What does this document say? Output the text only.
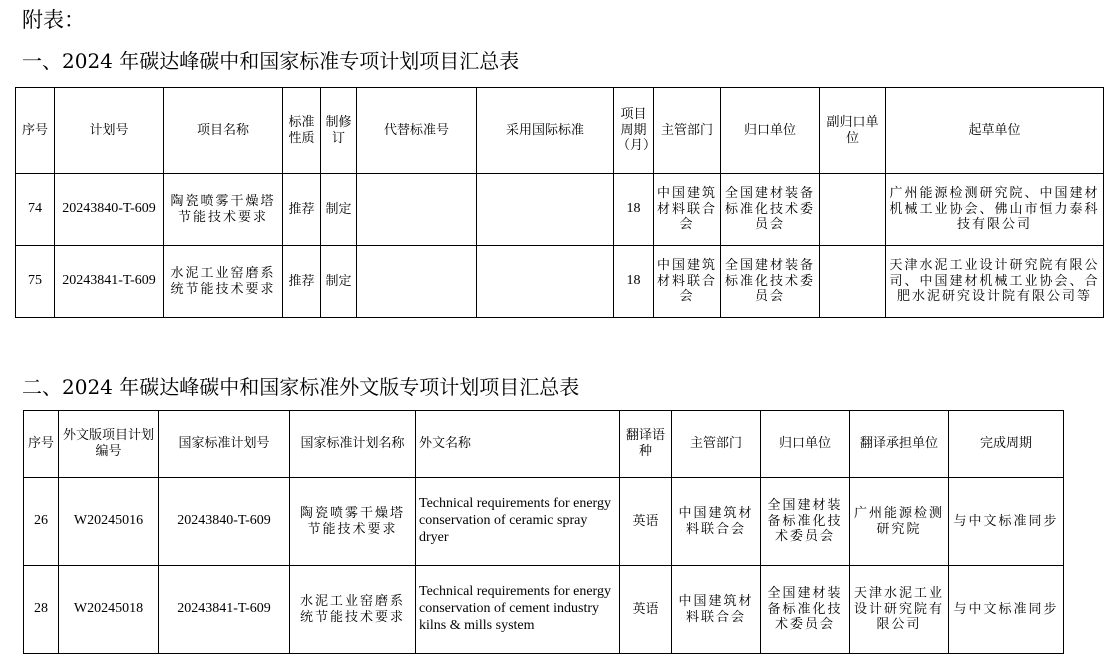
附表：
一、2024 年碳达峰碳中和国家标准专项计划项目汇总表
序号	计划号	项目名称	标准性质	制修订	代替标准号	采用国际标准	项目周期（月）	主管部门	归口单位	副归口单位	起草单位
74	20243840-T-609	陶瓷喷雾干燥塔节能技术要求	推荐	制定			18	中国建筑材料联合会	全国建材装备标准化技术委员会		广州能源检测研究院、中国建材机械工业协会、佛山市恒力泰科技有限公司
75	20243841-T-609	水泥工业窑磨系统节能技术要求	推荐	制定			18	中国建筑材料联合会	全国建材装备标准化技术委员会		天津水泥工业设计研究院有限公司、中国建材机械工业协会、合肥水泥研究设计院有限公司等
二、2024 年碳达峰碳中和国家标准外文版专项计划项目汇总表
序号	外文版项目计划编号	国家标准计划号	国家标准计划名称	外文名称	翻译语种	主管部门	归口单位	翻译承担单位	完成周期
26	W20245016	20243840-T-609	陶瓷喷雾干燥塔节能技术要求	Technical requirements for energy conservation of ceramic spray dryer	英语	中国建筑材料联合会	全国建材装备标准化技术委员会	广州能源检测研究院	与中文标准同步
28	W20245018	20243841-T-609	水泥工业窑磨系统节能技术要求	Technical requirements for energy conservation of cement industry kilns & mills system	英语	中国建筑材料联合会	全国建材装备标准化技术委员会	天津水泥工业设计研究院有限公司	与中文标准同步
